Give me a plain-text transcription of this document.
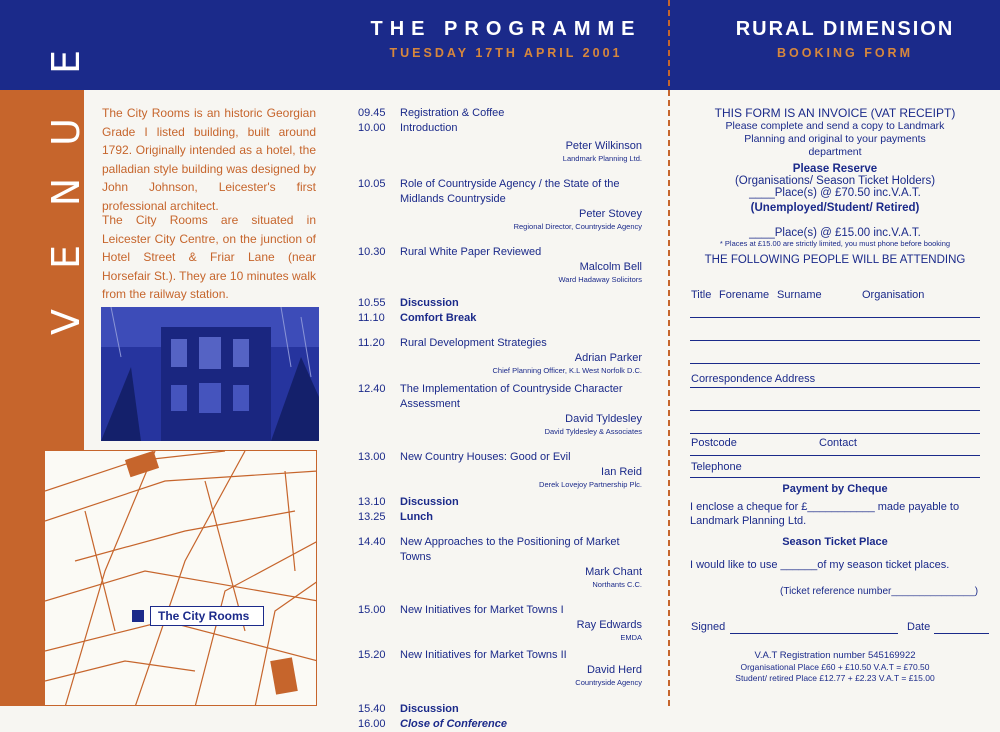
V
E
N
U
E
THE PROGRAMME
TUESDAY 17TH APRIL 2001
RURAL DIMENSION
BOOKING FORM

The City Rooms is an historic Georgian Grade I listed building, built around 1792. Originally intended as a hotel, the palladian style building was designed by John Johnson, Leicester's first professional architect.

The City Rooms are situated in Leicester City Centre, on the junction of Hotel Street & Friar Lane (near Horsefair St.). They are 10 minutes walk from the railway station.

The City Rooms
09.45	Registration & Coffee
10.00	Introduction
Peter Wilkinson
Landmark Planning Ltd.
10.05	Role of Countryside Agency / the State of the Midlands Countryside
Peter Stovey
Regional Director, Countryside Agency
10.30	Rural White Paper Reviewed
Malcolm Bell
Ward Hadaway Solicitors
10.55	Discussion
11.10	Comfort Break
11.20	Rural Development Strategies
Adrian Parker
Chief Planning Officer, K.L West Norfolk D.C.
12.40	The Implementation of Countryside Character Assessment
David Tyldesley
David Tyldesley & Associates
13.00	New Country Houses: Good or Evil
Ian Reid
Derek Lovejoy Partnership Plc.
13.10	Discussion
13.25	Lunch
14.40	New Approaches to the Positioning of Market Towns
Mark Chant
Northants C.C.
15.00	New Initiatives for Market Towns I
Ray Edwards
EMDA
15.20	New Initiatives for Market Towns II
David Herd
Countryside Agency
15.40	Discussion
16.00	Close of Conference
THIS FORM IS AN INVOICE (VAT RECEIPT)
Please complete and send a copy to Landmark Planning and original to your payments department
Please Reserve
(Organisations/ Season Ticket Holders)
____Place(s) @ £70.50 inc.V.A.T.
(Unemployed/Student/ Retired)
____Place(s) @ £15.00 inc.V.A.T.
* Places at £15.00 are strictly limited, you must phone before booking
THE FOLLOWING PEOPLE WILL BE ATTENDING
Title Forename Surname	Organisation
Correspondence Address
Postcode	Contact
Telephone
Payment by Cheque
I enclose a cheque for £___________ made payable to Landmark Planning Ltd.
Season Ticket Place
I would like to use ______of my season ticket places.
(Ticket reference number_______________)
Signed	Date
V.A.T Registration number 545169922
Organisational Place £60 + £10.50 V.A.T = £70.50
Student/ retired Place £12.77 + £2.23 V.A.T = £15.00
